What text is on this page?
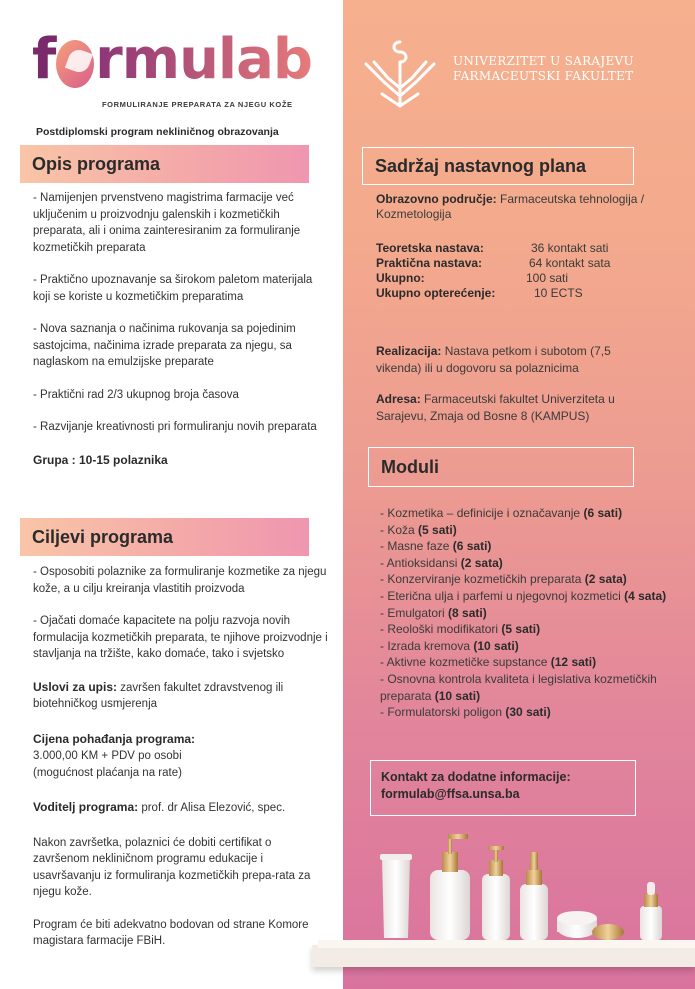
f rmulab
FORMULIRANJE PREPARATA ZA NJEGU KOŽE
Postdiplomski program nekliničnog obrazovanja
UNIVERZITET U SARAJEVU
FARMACEUTSKI FAKULTET
Opis programa

- Namijenjen prvenstveno magistrima farmacije već uključenim u proizvodnju galenskih i kozmetičkih preparata, ali i onima zainteresiranim za formuliranje kozmetičkih preparata

- Praktično upoznavanje sa širokom paletom materijala koji se koriste u kozmetičkim preparatima

- Nova saznanja o načinima rukovanja sa pojedinim sastojcima, načinima izrade preparata za njegu, sa naglaskom na emulzijske preparate

- Praktični rad 2/3 ukupnog broja časova

- Razvijanje kreativnosti pri formuliranju novih preparata

Grupa : 10-15 polaznika

Ciljevi programa

- Osposobiti polaznike za formuliranje kozmetike za njegu kože, a u cilju kreiranja vlastitih proizvoda

- Ojačati domaće kapacitete na polju razvoja novih formulacija kozmetičkih preparata, te njihove proizvodnje i stavljanja na tržište, kako domaće, tako i svjetsko

Uslovi za upis: završen fakultet zdravstvenog ili biotehničkog usmjerenja

Cijena pohađanja programa:
3.000,00 KM + PDV po osobi
(mogućnost plaćanja na rate)

Voditelj programa: prof. dr Alisa Elezović, spec.

Nakon završetka, polaznici će dobiti certifikat o završenom nekliničnom programu edukacije i usavršavanju iz formuliranja kozmetičkih prepa-rata za njegu kože.

Program će biti adekvatno bodovan od strane Komore magistara farmacije FBiH.

Sadržaj nastavnog plana
Obrazovno područje: Farmaceutska tehnologija / Kozmetologija
Teoretska nastava:	36 kontakt sati
Praktična nastava:	64 kontakt sata
Ukupno:	100 sati
Ukupno opterećenje:	10 ECTS
Realizacija: Nastava petkom i subotom (7,5 vikenda) ili u dogovoru sa polaznicima
Adresa: Farmaceutski fakultet Univerziteta u Sarajevu, Zmaja od Bosne 8 (KAMPUS)
Moduli
- Kozmetika – definicije i označavanje (6 sati)
- Koža (5 sati)
- Masne faze (6 sati)
- Antioksidansi (2 sata)
- Konzerviranje kozmetičkih preparata (2 sata)
- Eterična ulja i parfemi u njegovnoj kozmetici (4 sata)
- Emulgatori (8 sati)
- Reološki modifikatori (5 sati)
- Izrada kremova (10 sati)
- Aktivne kozmetičke supstance (12 sati)
- Osnovna kontrola kvaliteta i legislativa kozmetičkih preparata (10 sati)
- Formulatorski poligon (30 sati)
Kontakt za dodatne informacije:
formulab@ffsa.unsa.ba
